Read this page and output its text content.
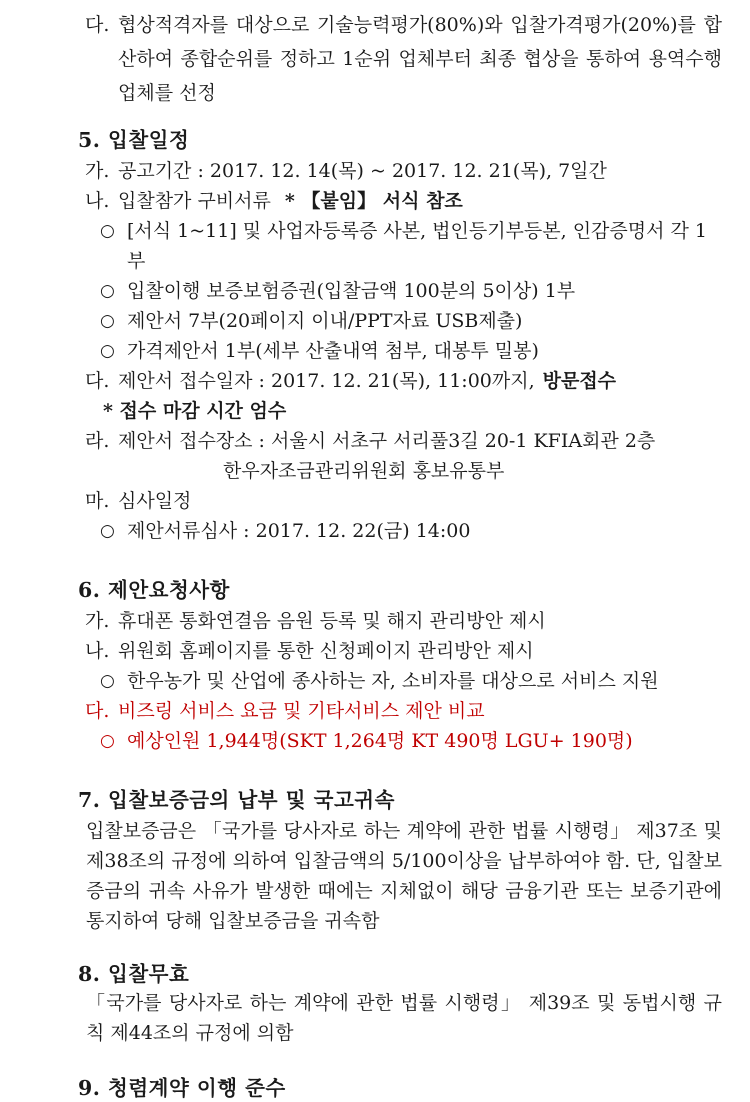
다. 협상적격자를 대상으로 기술능력평가(80%)와 입찰가격평가(20%)를 합산하여 종합순위를 정하고 1순위 업체부터 최종 협상을 통하여 용역수행 업체를 선정
5. 입찰일정
가. 공고기간 : 2017. 12. 14(목) ~ 2017. 12. 21(목), 7일간
나. 입찰참가 구비서류 * 【붙임】 서식 참조
○ [서식 1~11] 및 사업자등록증 사본, 법인등기부등본, 인감증명서 각 1부
○ 입찰이행 보증보험증권(입찰금액 100분의 5이상) 1부
○ 제안서 7부(20페이지 이내/PPT자료 USB제출)
○ 가격제안서 1부(세부 산출내역 첨부, 대봉투 밀봉)
다. 제안서 접수일자 : 2017. 12. 21(목), 11:00까지, 방문접수
* 접수 마감 시간 엄수
라. 제안서 접수장소 : 서울시 서초구 서리풀3길 20-1 KFIA회관 2층
한우자조금관리위원회 홍보유통부
마. 심사일정
○ 제안서류심사 : 2017. 12. 22(금) 14:00
6. 제안요청사항
가. 휴대폰 통화연결음 음원 등록 및 해지 관리방안 제시
나. 위원회 홈페이지를 통한 신청페이지 관리방안 제시
○ 한우농가 및 산업에 종사하는 자, 소비자를 대상으로 서비스 지원
다. 비즈링 서비스 요금 및 기타서비스 제안 비교
○ 예상인원 1,944명(SKT 1,264명 KT 490명 LGU+ 190명)
7. 입찰보증금의 납부 및 국고귀속
입찰보증금은 「국가를 당사자로 하는 계약에 관한 법률 시행령」 제37조 및 제38조의 규정에 의하여 입찰금액의 5/100이상을 납부하여야 함. 단, 입찰보증금의 귀속 사유가 발생한 때에는 지체없이 해당 금융기관 또는 보증기관에 통지하여 당해 입찰보증금을 귀속함
8. 입찰무효
「국가를 당사자로 하는 계약에 관한 법률 시행령」 제39조 및 동법시행 규칙 제44조의 규정에 의함
9. 청렴계약 이행 준수
